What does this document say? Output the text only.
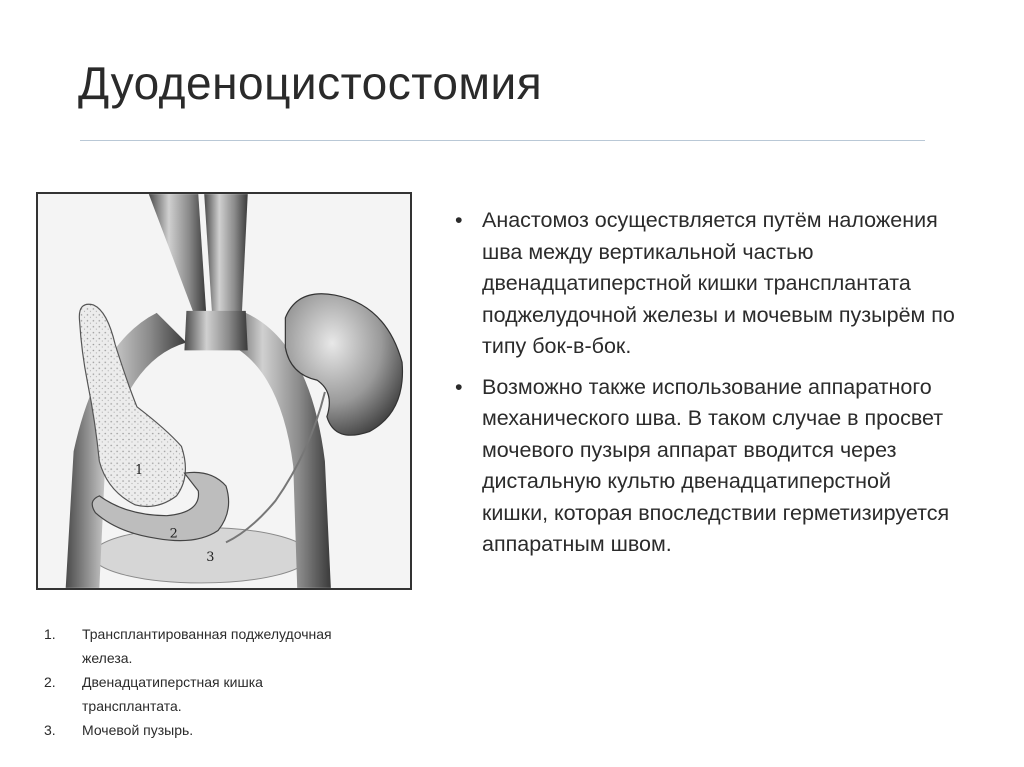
Дуоденоцистостомия
1
2
3
• Анастомоз осуществляется путём наложения шва между вертикальной частью двенадцатиперстной кишки трансплантата поджелудочной железы и мочевым пузырём по типу бок-в-бок.
• Возможно также использование аппаратного механического шва. В таком случае в просвет мочевого пузыря аппарат вводится через дистальную культю двенадцатиперстной кишки, которая впоследствии герметизируется аппаратным швом.
1. Трансплантированная поджелудочная железа.
2. Двенадцатиперстная кишка трансплантата.
3. Мочевой пузырь.
